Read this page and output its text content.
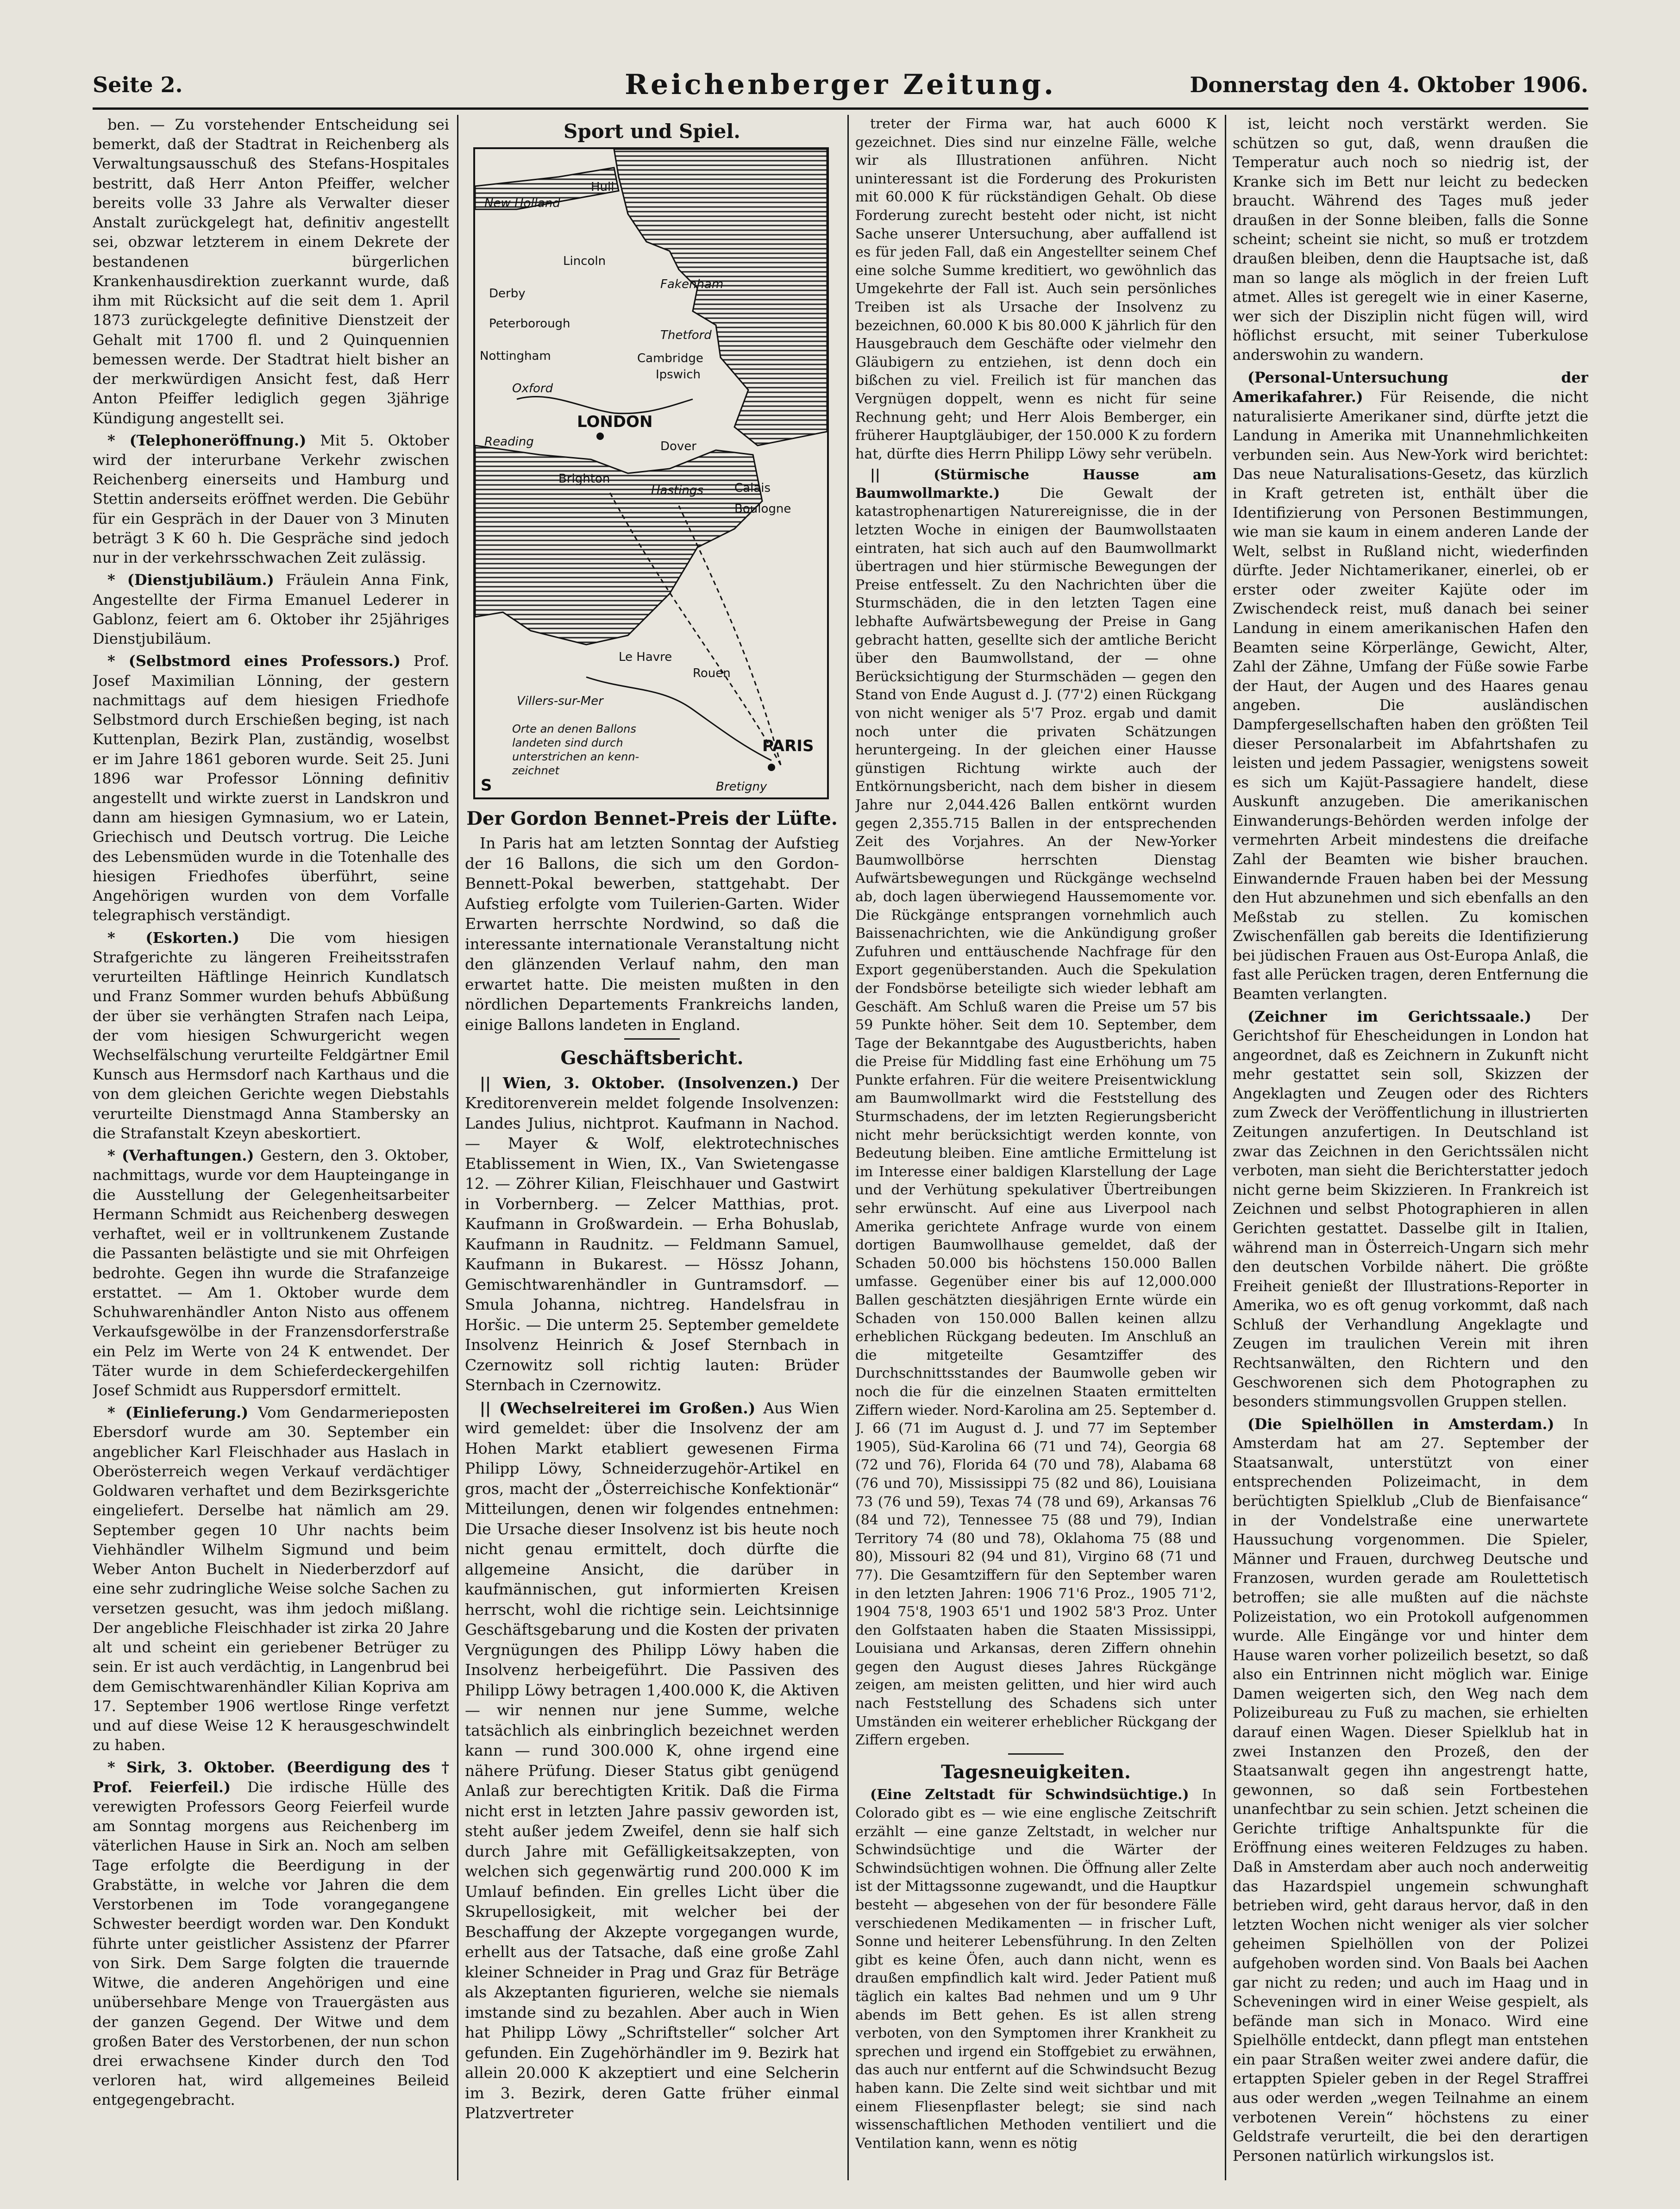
Seite 2.	Reichenberger Zeitung.	Donnerstag den 4. Oktober 1906.

ben. — Zu vorstehender Entscheidung sei bemerkt, daß der Stadtrat in Reichenberg als Verwaltungsausschuß des Stefans-Hospitales bestritt, daß Herr Anton Pfeiffer, welcher bereits volle 33 Jahre als Verwalter dieser Anstalt zurückgelegt hat, definitiv angestellt sei, obzwar letzterem in einem Dekrete der bestandenen bürgerlichen Krankenhausdirektion zuerkannt wurde, daß ihm mit Rücksicht auf die seit dem 1. April 1873 zurückgelegte definitive Dienstzeit der Gehalt mit 1700 fl. und 2 Quinquennien bemessen werde. Der Stadtrat hielt bisher an der merkwürdigen Ansicht fest, daß Herr Anton Pfeiffer lediglich gegen 3jährige Kündigung angestellt sei.

* (Telephoneröffnung.) Mit 5. Oktober wird der interurbane Verkehr zwischen Reichenberg einerseits und Hamburg und Stettin anderseits eröffnet werden. Die Gebühr für ein Gespräch in der Dauer von 3 Minuten beträgt 3 K 60 h. Die Gespräche sind jedoch nur in der verkehrsschwachen Zeit zulässig.

* (Dienstjubiläum.) Fräulein Anna Fink, Angestellte der Firma Emanuel Lederer in Gablonz, feiert am 6. Oktober ihr 25jähriges Dienstjubiläum.

* (Selbstmord eines Professors.) Prof. Josef Maximilian Lönning, der gestern nachmittags auf dem hiesigen Friedhofe Selbstmord durch Erschießen beging, ist nach Kuttenplan, Bezirk Plan, zuständig, woselbst er im Jahre 1861 geboren wurde. Seit 25. Juni 1896 war Professor Lönning definitiv angestellt und wirkte zuerst in Landskron und dann am hiesigen Gymnasium, wo er Latein, Griechisch und Deutsch vortrug. Die Leiche des Lebensmüden wurde in die Totenhalle des hiesigen Friedhofes überführt, seine Angehörigen wurden von dem Vorfalle telegraphisch verständigt.

* (Eskorten.) Die vom hiesigen Strafgerichte zu längeren Freiheitsstrafen verurteilten Häftlinge Heinrich Kundlatsch und Franz Sommer wurden behufs Abbüßung der über sie verhängten Strafen nach Leipa, der vom hiesigen Schwurgericht wegen Wechselfälschung verurteilte Feldgärtner Emil Kunsch aus Hermsdorf nach Karthaus und die von dem gleichen Gerichte wegen Diebstahls verurteilte Dienstmagd Anna Stambersky an die Strafanstalt Kzeyn abeskortiert.

* (Verhaftungen.) Gestern, den 3. Oktober, nachmittags, wurde vor dem Haupteingange in die Ausstellung der Gelegenheitsarbeiter Hermann Schmidt aus Reichenberg deswegen verhaftet, weil er in volltrunkenem Zustande die Passanten belästigte und sie mit Ohrfeigen bedrohte. Gegen ihn wurde die Strafanzeige erstattet. — Am 1. Oktober wurde dem Schuhwarenhändler Anton Nisto aus offenem Verkaufsgewölbe in der Franzensdorferstraße ein Pelz im Werte von 24 K entwendet. Der Täter wurde in dem Schieferdeckergehilfen Josef Schmidt aus Ruppersdorf ermittelt.

* (Einlieferung.) Vom Gendarmerieposten Ebersdorf wurde am 30. September ein angeblicher Karl Fleischhader aus Haslach in Oberösterreich wegen Verkauf verdächtiger Goldwaren verhaftet und dem Bezirksgerichte eingeliefert. Derselbe hat nämlich am 29. September gegen 10 Uhr nachts beim Viehhändler Wilhelm Sigmund und beim Weber Anton Buchelt in Niederberzdorf auf eine sehr zudringliche Weise solche Sachen zu versetzen gesucht, was ihm jedoch mißlang. Der angebliche Fleischhader ist zirka 20 Jahre alt und scheint ein geriebener Betrüger zu sein. Er ist auch verdächtig, in Langenbrud bei dem Gemischtwarenhändler Kilian Kopriva am 17. September 1906 wertlose Ringe verfetzt und auf diese Weise 12 K herausgeschwindelt zu haben.

* Sirk, 3. Oktober. (Beerdigung des † Prof. Feierfeil.) Die irdische Hülle des verewigten Professors Georg Feierfeil wurde am Sonntag morgens aus Reichenberg im väterlichen Hause in Sirk an. Noch am selben Tage erfolgte die Beerdigung in der Grabstätte, in welche vor Jahren die dem Verstorbenen im Tode vorangegangene Schwester beerdigt worden war. Den Kondukt führte unter geistlicher Assistenz der Pfarrer von Sirk. Dem Sarge folgten die trauernde Witwe, die anderen Angehörigen und eine unübersehbare Menge von Trauergästen aus der ganzen Gegend. Der Witwe und dem großen Bater des Verstorbenen, der nun schon drei erwachsene Kinder durch den Tod verloren hat, wird allgemeines Beileid entgegengebracht.

Sport und Spiel.
Hull
New Holland
Lincoln
Derby
Fakenham
Peterborough
Thetford
Nottingham	Cambridge
Ipswich
Oxford
LONDON
Reading	Dover
Brighton
Hastings	Calais
Boulogne
Le Havre
Rouen
Villers-sur-Mer
PARIS
Bretigny
S
Orte an denen Ballons
landeten sind durch
unterstrichen an kenn-
zeichnet
Der Gordon Bennet-Preis der Lüfte.

In Paris hat am letzten Sonntag der Aufstieg der 16 Ballons, die sich um den Gordon-Bennett-Pokal bewerben, stattgehabt. Der Aufstieg erfolgte vom Tuilerien-Garten. Wider Erwarten herrschte Nordwind, so daß die interessante internationale Veranstaltung nicht den glänzenden Verlauf nahm, den man erwartet hatte. Die meisten mußten in den nördlichen Departements Frankreichs landen, einige Ballons landeten in England.

Geschäftsbericht.

|| Wien, 3. Oktober. (Insolvenzen.) Der Kreditorenverein meldet folgende Insolvenzen: Landes Julius, nichtprot. Kaufmann in Nachod. — Mayer & Wolf, elektrotechnisches Etablissement in Wien, IX., Van Swietengasse 12. — Zöhrer Kilian, Fleischhauer und Gastwirt in Vorbernberg. — Zelcer Matthias, prot. Kaufmann in Großwardein. — Erha Bohuslab, Kaufmann in Raudnitz. — Feldmann Samuel, Kaufmann in Bukarest. — Hössz Johann, Gemischtwarenhändler in Guntramsdorf. — Smula Johanna, nichtreg. Handelsfrau in Horšic. — Die unterm 25. September gemeldete Insolvenz Heinrich & Josef Sternbach in Czernowitz soll richtig lauten: Brüder Sternbach in Czernowitz.

|| (Wechselreiterei im Großen.) Aus Wien wird gemeldet: über die Insolvenz der am Hohen Markt etabliert gewesenen Firma Philipp Löwy, Schneiderzugehör-Artikel en gros, macht der „Österreichische Konfektionär“ Mitteilungen, denen wir folgendes entnehmen: Die Ursache dieser Insolvenz ist bis heute noch nicht genau ermittelt, doch dürfte die allgemeine Ansicht, die darüber in kaufmännischen, gut informierten Kreisen herrscht, wohl die richtige sein. Leichtsinnige Geschäftsgebarung und die Kosten der privaten Vergnügungen des Philipp Löwy haben die Insolvenz herbeigeführt. Die Passiven des Philipp Löwy betragen 1,400.000 K, die Aktiven — wir nennen nur jene Summe, welche tatsächlich als einbringlich bezeichnet werden kann — rund 300.000 K, ohne irgend eine nähere Prüfung. Dieser Status gibt genügend Anlaß zur berechtigten Kritik. Daß die Firma nicht erst in letzten Jahre passiv geworden ist, steht außer jedem Zweifel, denn sie half sich durch Jahre mit Gefälligkeitsakzepten, von welchen sich gegenwärtig rund 200.000 K im Umlauf befinden. Ein grelles Licht über die Skrupellosigkeit, mit welcher bei der Beschaffung der Akzepte vorgegangen wurde, erhellt aus der Tatsache, daß eine große Zahl kleiner Schneider in Prag und Graz für Beträge als Akzeptanten figurieren, welche sie niemals imstande sind zu bezahlen. Aber auch in Wien hat Philipp Löwy „Schriftsteller“ solcher Art gefunden. Ein Zugehörhändler im 9. Bezirk hat allein 20.000 K akzeptiert und eine Selcherin im 3. Bezirk, deren Gatte früher einmal Platzvertreter

treter der Firma war, hat auch 6000 K gezeichnet. Dies sind nur einzelne Fälle, welche wir als Illustrationen anführen. Nicht uninteressant ist die Forderung des Prokuristen mit 60.000 K für rückständigen Gehalt. Ob diese Forderung zurecht besteht oder nicht, ist nicht Sache unserer Untersuchung, aber auffallend ist es für jeden Fall, daß ein Angestellter seinem Chef eine solche Summe kreditiert, wo gewöhnlich das Umgekehrte der Fall ist. Auch sein persönliches Treiben ist als Ursache der Insolvenz zu bezeichnen, 60.000 K bis 80.000 K jährlich für den Hausgebrauch dem Geschäfte oder vielmehr den Gläubigern zu entziehen, ist denn doch ein bißchen zu viel. Freilich ist für manchen das Vergnügen doppelt, wenn es nicht für seine Rechnung geht; und Herr Alois Bemberger, ein früherer Hauptgläubiger, der 150.000 K zu fordern hat, dürfte dies Herrn Philipp Löwy sehr verübeln.

|| (Stürmische Hausse am Baumwollmarkte.)	Die Gewalt der katastrophenartigen Naturereignisse, die in der letzten Woche in einigen der Baumwollstaaten eintraten, hat sich auch auf den Baumwollmarkt übertragen und hier stürmische Bewegungen der Preise entfesselt. Zu den Nachrichten über die Sturmschäden, die in den letzten Tagen eine lebhafte Aufwärtsbewegung der Preise in Gang gebracht hatten, gesellte sich der amtliche Bericht über den Baumwollstand, der — ohne Berücksichtigung der Sturmschäden — gegen den Stand von Ende August d. J. (77'2) einen Rückgang von nicht weniger als 5'7 Proz. ergab und damit noch unter die privaten Schätzungen heruntergeing. In der gleichen einer Hausse günstigen Richtung wirkte auch der Entkörnungsbericht, nach dem bisher in diesem Jahre nur 2,044.426 Ballen entkörnt wurden gegen 2,355.715 Ballen in der entsprechenden Zeit des Vorjahres. An der New-Yorker Baumwollbörse herrschten Dienstag Aufwärtsbewegungen und Rückgänge wechselnd ab, doch lagen überwiegend Haussemomente vor. Die Rückgänge entsprangen vornehmlich auch Baissenachrichten, wie die Ankündigung großer Zufuhren und enttäuschende Nachfrage für den Export gegenüberstanden. Auch die Spekulation der Fondsbörse beteiligte sich wieder lebhaft am Geschäft. Am Schluß waren die Preise um 57 bis 59 Punkte höher. Seit dem 10. September, dem Tage der Bekanntgabe des Augustberichts, haben die Preise für Middling fast eine Erhöhung um 75 Punkte erfahren. Für die weitere Preisentwicklung am Baumwollmarkt wird die Feststellung des Sturmschadens, der im letzten Regierungsbericht nicht mehr berücksichtigt werden konnte, von Bedeutung bleiben. Eine amtliche Ermittelung ist im Interesse einer baldigen Klarstellung der Lage und der Verhütung spekulativer Übertreibungen sehr erwünscht. Auf eine aus Liverpool nach Amerika gerichtete Anfrage wurde von einem dortigen Baumwollhause gemeldet, daß der Schaden 50.000 bis höchstens 150.000 Ballen umfasse. Gegenüber einer bis auf 12,000.000 Ballen geschätzten diesjährigen Ernte würde ein Schaden von 150.000 Ballen keinen allzu erheblichen Rückgang bedeuten. Im Anschluß an die mitgeteilte Gesamtziffer des Durchschnittsstandes der Baumwolle geben wir noch die für die einzelnen Staaten ermittelten Ziffern wieder. Nord-Karolina am 25. September d. J. 66 (71 im August d. J. und 77 im September 1905), Süd-Karolina 66 (71 und 74), Georgia 68 (72 und 76), Florida 64 (70 und 78), Alabama 68 (76 und 70), Mississippi 75 (82 und 86), Louisiana 73 (76 und 59), Texas 74 (78 und 69), Arkansas 76 (84 und 72), Tennessee 75 (88 und 79), Indian Territory 74 (80 und 78), Oklahoma 75 (88 und 80), Missouri 82 (94 und 81), Virgino 68 (71 und 77). Die Gesamtziffern für den September waren in den letzten Jahren: 1906 71'6 Proz., 1905 71'2, 1904 75'8, 1903 65'1 und 1902 58'3 Proz. Unter den Golfstaaten haben die Staaten Mississippi, Louisiana und Arkansas, deren Ziffern ohnehin gegen den August dieses Jahres Rückgänge zeigen, am meisten gelitten, und hier wird auch nach Feststellung des Schadens sich unter Umständen ein weiterer erheblicher Rückgang der Ziffern ergeben.

Tagesneuigkeiten.

(Eine Zeltstadt für Schwindsüchtige.) In Colorado gibt es — wie eine englische Zeitschrift erzählt — eine ganze Zeltstadt, in welcher nur Schwindsüchtige und die Wärter der Schwindsüchtigen wohnen. Die Öffnung aller Zelte ist der Mittagssonne zugewandt, und die Hauptkur besteht — abgesehen von der für besondere Fälle verschiedenen Medikamenten — in frischer Luft, Sonne und heiterer Lebensführung. In den Zelten gibt es keine Öfen, auch dann nicht, wenn es draußen empfindlich kalt wird. Jeder Patient muß täglich ein kaltes Bad nehmen und um 9 Uhr abends im Bett gehen. Es ist allen streng verboten, von den Symptomen ihrer Krankheit zu sprechen und irgend ein Stoffgebiet zu erwähnen, das auch nur entfernt auf die Schwindsucht Bezug haben kann. Die Zelte sind weit sichtbar und mit einem Fliesenpflaster belegt; sie sind nach wissenschaftlichen Methoden ventiliert und die Ventilation kann, wenn es nötig

ist, leicht noch verstärkt werden. Sie schützen so gut, daß, wenn draußen die Temperatur auch noch so niedrig ist, der Kranke sich im Bett nur leicht zu bedecken braucht. Während des Tages muß jeder draußen in der Sonne bleiben, falls die Sonne scheint; scheint sie nicht, so muß er trotzdem draußen bleiben, denn die Hauptsache ist, daß man so lange als möglich in der freien Luft atmet. Alles ist geregelt wie in einer Kaserne, wer sich der Disziplin nicht fügen will, wird höflichst ersucht, mit seiner Tuberkulose anderswohin zu wandern.

(Personal-Untersuchung der Amerikafahrer.) Für Reisende, die nicht naturalisierte Amerikaner sind, dürfte jetzt die Landung in Amerika mit Unannehmlichkeiten verbunden sein. Aus New-York wird berichtet: Das neue Naturalisations-Gesetz, das kürzlich in Kraft getreten ist, enthält über die Identifizierung von Personen Bestimmungen, wie man sie kaum in einem anderen Lande der Welt, selbst in Rußland nicht, wiederfinden dürfte. Jeder Nichtamerikaner, einerlei, ob er erster oder zweiter Kajüte oder im Zwischendeck reist, muß danach bei seiner Landung in einem amerikanischen Hafen den Beamten seine Körperlänge, Gewicht, Alter, Zahl der Zähne, Umfang der Füße sowie Farbe der Haut, der Augen und des Haares genau angeben. Die ausländischen Dampfergesellschaften haben den größten Teil dieser Personalarbeit im Abfahrtshafen zu leisten und jedem Passagier, wenigstens soweit es sich um Kajüt-Passagiere handelt, diese Auskunft anzugeben. Die amerikanischen Einwanderungs-Behörden werden infolge der vermehrten Arbeit mindestens die dreifache Zahl der Beamten wie bisher brauchen. Einwandernde Frauen haben bei der Messung den Hut abzunehmen und sich ebenfalls an den Meßstab zu stellen. Zu komischen Zwischenfällen gab bereits die Identifizierung bei jüdischen Frauen aus Ost-Europa Anlaß, die fast alle Perücken tragen, deren Entfernung die Beamten verlangten.

(Zeichner im Gerichtssaale.) Der Gerichtshof für Ehescheidungen in London hat angeordnet, daß es Zeichnern in Zukunft nicht mehr gestattet sein soll, Skizzen der Angeklagten und Zeugen oder des Richters zum Zweck der Veröffentlichung in illustrierten Zeitungen anzufertigen. In Deutschland ist zwar das Zeichnen in den Gerichtssälen nicht verboten, man sieht die Berichterstatter jedoch nicht gerne beim Skizzieren. In Frankreich ist Zeichnen und selbst Photographieren in allen Gerichten gestattet. Dasselbe gilt in Italien, während man in Österreich-Ungarn sich mehr den deutschen Vorbilde nähert. Die größte Freiheit genießt der Illustrations-Reporter in Amerika, wo es oft genug vorkommt, daß nach Schluß der Verhandlung Angeklagte und Zeugen im traulichen Verein mit ihren Rechtsanwälten, den Richtern und den Geschworenen sich dem Photographen zu besonders stimmungsvollen Gruppen stellen.

(Die Spielhöllen in Amsterdam.) In Amsterdam hat am 27. September der Staatsanwalt, unterstützt von einer entsprechenden Polizeimacht, in dem berüchtigten Spielklub „Club de Bienfaisance“ in der Vondelstraße eine unerwartete Haussuchung vorgenommen. Die Spieler, Männer und Frauen, durchweg Deutsche und Franzosen, wurden gerade am Roulettetisch betroffen; sie alle mußten auf die nächste Polizeistation, wo ein Protokoll aufgenommen wurde. Alle Eingänge vor und hinter dem Hause waren vorher polizeilich besetzt, so daß also ein Entrinnen nicht möglich war. Einige Damen weigerten sich, den Weg nach dem Polizeibureau zu Fuß zu machen, sie erhielten darauf einen Wagen. Dieser Spielklub hat in zwei Instanzen den Prozeß, den der Staatsanwalt gegen ihn angestrengt hatte, gewonnen, so daß sein Fortbestehen unanfechtbar zu sein schien. Jetzt scheinen die Gerichte triftige Anhaltspunkte für die Eröffnung eines weiteren Feldzuges zu haben. Daß in Amsterdam aber auch noch anderweitig das Hazardspiel ungemein schwunghaft betrieben wird, geht daraus hervor, daß in den letzten Wochen nicht weniger als vier solcher geheimen Spielhöllen von der Polizei aufgehoben worden sind. Von Baals bei Aachen gar nicht zu reden; und auch im Haag und in Scheveningen wird in einer Weise gespielt, als befände man sich in Monaco. Wird eine Spielhölle entdeckt, dann pflegt man entstehen ein paar Straßen weiter zwei andere dafür, die ertappten Spieler geben in der Regel Straffrei aus oder werden „wegen Teilnahme an einem verbotenen Verein“ höchstens zu einer Geldstrafe verurteilt, die bei den derartigen Personen natürlich wirkungslos ist.
